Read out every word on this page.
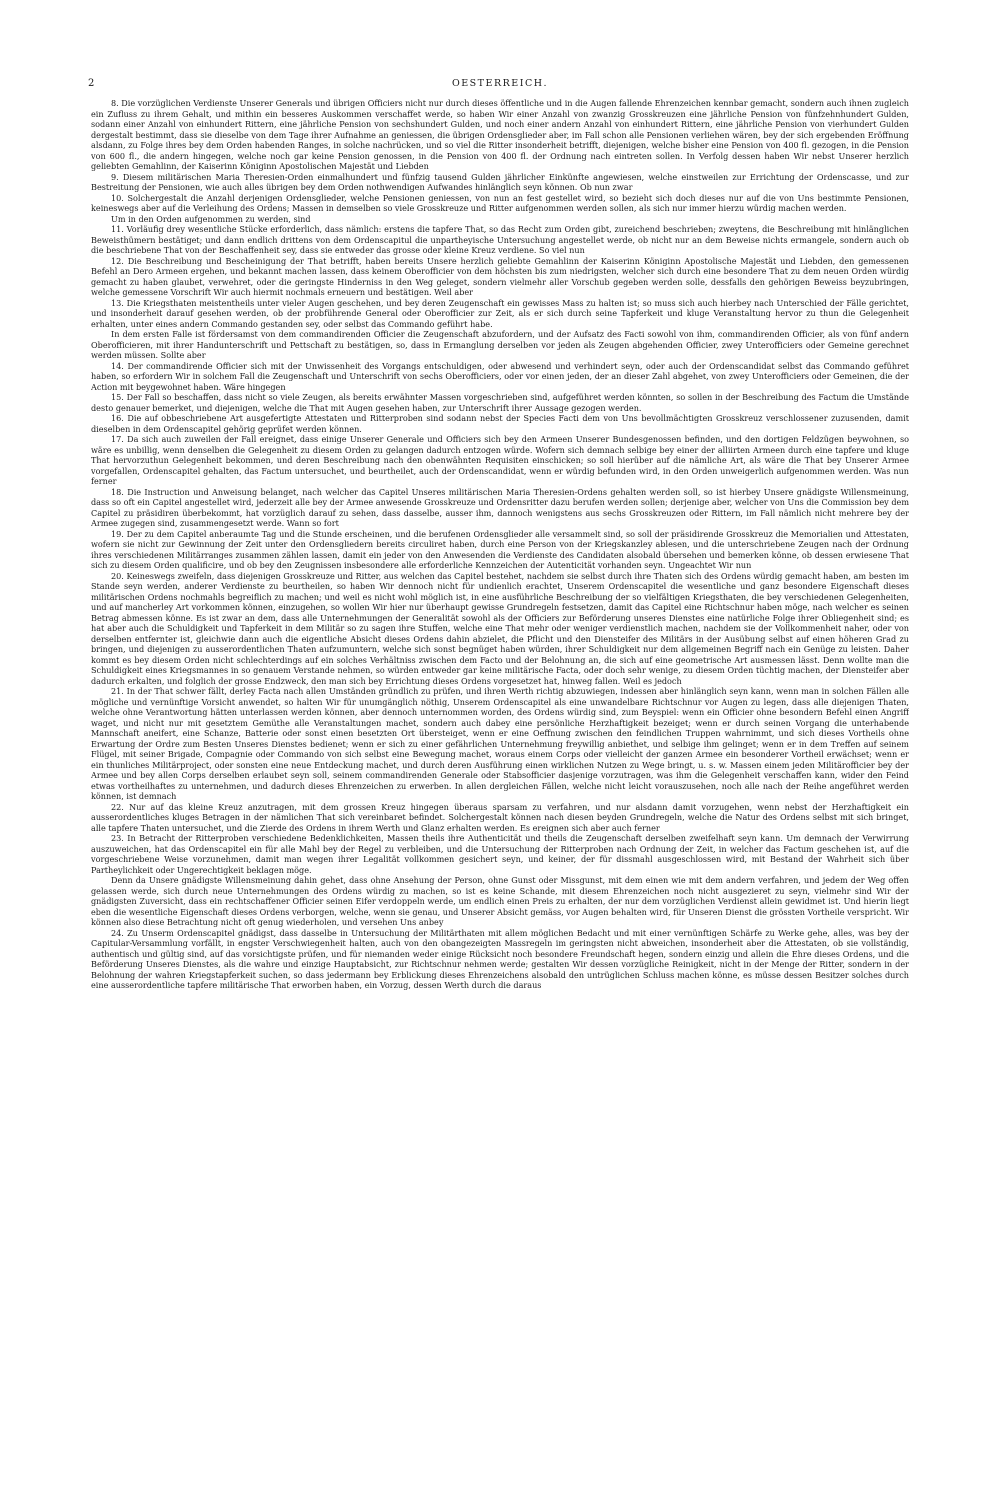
2	OESTERREICH.

8. Die vorzüglichen Verdienste Unserer Generals und übrigen Officiers nicht nur durch dieses öffentliche und in die Augen fallende Ehrenzeichen kennbar gemacht, sondern auch ihnen zugleich ein Zufluss zu ihrem Gehalt, und mithin ein besseres Auskommen verschaffet werde, so haben Wir einer Anzahl von zwanzig Grosskreuzen eine jährliche Pension von fünfzehnhundert Gulden, sodann einer Anzahl von einhundert Rittern, eine jährliche Pension von sechshundert Gulden, und noch einer andern Anzahl von einhundert Rittern, eine jährliche Pension von vierhundert Gulden dergestalt bestimmt, dass sie dieselbe von dem Tage ihrer Aufnahme an geniessen, die übrigen Ordensglieder aber, im Fall schon alle Pensionen verliehen wären, bey der sich ergebenden Eröffnung alsdann, zu Folge ihres bey dem Orden habenden Ranges, in solche nachrücken, und so viel die Ritter insonderheit betrifft, diejenigen, welche bisher eine Pension von 400 fl. gezogen, in die Pension von 600 fl., die andern hingegen, welche noch gar keine Pension genossen, in die Pension von 400 fl. der Ordnung nach eintreten sollen. In Verfolg dessen haben Wir nebst Unserer herzlich geliebten Gemahlinn, der Kaiserinn Königinn Apostolischen Majestät und Liebden

9. Diesem militärischen Maria Theresien-Orden einmalhundert und fünfzig tausend Gulden jährlicher Einkünfte angewiesen, welche einstweilen zur Errichtung der Ordenscasse, und zur Bestreitung der Pensionen, wie auch alles übrigen bey dem Orden nothwendigen Aufwandes hinlänglich seyn können. Ob nun zwar

10. Solchergestalt die Anzahl derjenigen Ordensglieder, welche Pensionen geniessen, von nun an fest gestellet wird, so bezieht sich doch dieses nur auf die von Uns bestimmte Pensionen, keineswegs aber auf die Verleihung des Ordens; Massen in demselben so viele Grosskreuze und Ritter aufgenommen werden sollen, als sich nur immer hierzu würdig machen werden.

Um in den Orden aufgenommen zu werden, sind

11. Vorläufig drey wesentliche Stücke erforderlich, dass nämlich: erstens die tapfere That, so das Recht zum Orden gibt, zureichend beschrieben; zweytens, die Beschreibung mit hinlänglichen Beweisthümern bestätiget; und dann endlich drittens von dem Ordenscapitul die unpartheyische Untersuchung angestellet werde, ob nicht nur an dem Beweise nichts ermangele, sondern auch ob die beschriebene That von der Beschaffenheit sey, dass sie entweder das grosse oder kleine Kreuz verdiene. So viel nun

12. Die Beschreibung und Bescheinigung der That betrifft, haben bereits Unsere herzlich geliebte Gemahlinn der Kaiserinn Königinn Apostolische Majestät und Liebden, den gemessenen Befehl an Dero Armeen ergehen, und bekannt machen lassen, dass keinem Oberofficier von dem höchsten bis zum niedrigsten, welcher sich durch eine besondere That zu dem neuen Orden würdig gemacht zu haben glaubet, verwehret, oder die geringste Hinderniss in den Weg geleget, sondern vielmehr aller Vorschub gegeben werden solle, dessfalls den gehörigen Beweiss beyzubringen, welche gemessene Vorschrift Wir auch hiermit nochmals erneuern und bestätigen. Weil aber

13. Die Kriegsthaten meistentheils unter vieler Augen geschehen, und bey deren Zeugenschaft ein gewisses Mass zu halten ist; so muss sich auch hierbey nach Unterschied der Fälle gerichtet, und insonderheit darauf gesehen werden, ob der probführende General oder Oberofficier zur Zeit, als er sich durch seine Tapferkeit und kluge Veranstaltung hervor zu thun die Gelegenheit erhalten, unter eines andern Commando gestanden sey, oder selbst das Commando geführt habe.

In dem ersten Falle ist fördersamst von dem commandirenden Officier die Zeugenschaft abzufordern, und der Aufsatz des Facti sowohl von ihm, commandirenden Officier, als von fünf andern Oberofficieren, mit ihrer Handunterschrift und Pettschaft zu bestätigen, so, dass in Ermanglung derselben vor jeden als Zeugen abgehenden Officier, zwey Unterofficiers oder Gemeine gerechnet werden müssen. Sollte aber

14. Der commandirende Officier sich mit der Unwissenheit des Vorgangs entschuldigen, oder abwesend und verhindert seyn, oder auch der Ordenscandidat selbst das Commando geführet haben, so erfordern Wir in solchem Fall die Zeugenschaft und Unterschrift von sechs Oberofficiers, oder vor einen jeden, der an dieser Zahl abgehet, von zwey Unterofficiers oder Gemeinen, die der Action mit beygewohnet haben. Wäre hingegen

15. Der Fall so beschaffen, dass nicht so viele Zeugen, als bereits erwähnter Massen vorgeschrieben sind, aufgeführet werden könnten, so sollen in der Beschreibung des Factum die Umstände desto genauer bemerket, und diejenigen, welche die That mit Augen gesehen haben, zur Unterschrift ihrer Aussage gezogen werden.

16. Die auf obbeschriebene Art ausgefertigte Attestaten und Ritterproben sind sodann nebst der Species Facti dem von Uns bevollmächtigten Grosskreuz verschlossener zuzusenden, damit dieselben in dem Ordenscapitel gehörig geprüfet werden können.

17. Da sich auch zuweilen der Fall ereignet, dass einige Unserer Generale und Officiers sich bey den Armeen Unserer Bundesgenossen befinden, und den dortigen Feldzügen beywohnen, so wäre es unbillig, wenn denselben die Gelegenheit zu diesem Orden zu gelangen dadurch entzogen würde. Wofern sich demnach selbige bey einer der alliirten Armeen durch eine tapfere und kluge That hervorzuthun Gelegenheit bekommen, und deren Beschreibung nach den obenwähnten Requisiten einschicken; so soll hierüber auf die nämliche Art, als wäre die That bey Unserer Armee vorgefallen, Ordenscapitel gehalten, das Factum untersuchet, und beurtheilet, auch der Ordenscandidat, wenn er würdig befunden wird, in den Orden unweigerlich aufgenommen werden. Was nun ferner

18. Die Instruction und Anweisung belanget, nach welcher das Capitel Unseres militärischen Maria Theresien-Ordens gehalten werden soll, so ist hierbey Unsere gnädigste Willensmeinung, dass so oft ein Capitel angestellet wird, jederzeit alle bey der Armee anwesende Grosskreuze und Ordensritter dazu berufen werden sollen; derjenige aber, welcher von Uns die Commission bey dem Capitel zu präsidiren überbekommt, hat vorzüglich darauf zu sehen, dass dasselbe, ausser ihm, dannoch wenigstens aus sechs Grosskreuzen oder Rittern, im Fall nämlich nicht mehrere bey der Armee zugegen sind, zusammengesetzt werde. Wann so fort

19. Der zu dem Capitel anberaumte Tag und die Stunde erscheinen, und die berufenen Ordensglieder alle versammelt sind, so soll der präsidirende Grosskreuz die Memorialien und Attestaten, wofern sie nicht zur Gewinnung der Zeit unter den Ordensgliedern bereits circuliret haben, durch eine Person von der Kriegskanzley ablesen, und die unterschriebene Zeugen nach der Ordnung ihres verschiedenen Militärranges zusammen zählen lassen, damit ein jeder von den Anwesenden die Verdienste des Candidaten alsobald übersehen und bemerken könne, ob dessen erwiesene That sich zu diesem Orden qualificire, und ob bey den Zeugnissen insbesondere alle erforderliche Kennzeichen der Autenticität vorhanden seyn. Ungeachtet Wir nun

20. Keineswegs zweifeln, dass diejenigen Grosskreuze und Ritter, aus welchen das Capitel bestehet, nachdem sie selbst durch ihre Thaten sich des Ordens würdig gemacht haben, am besten im Stande seyn werden, anderer Verdienste zu beurtheilen, so haben Wir dennoch nicht für undienlich erachtet, Unserem Ordenscapitel die wesentliche und ganz besondere Eigenschaft dieses militärischen Ordens nochmahls begreiflich zu machen; und weil es nicht wohl möglich ist, in eine ausführliche Beschreibung der so vielfältigen Kriegsthaten, die bey verschiedenen Gelegenheiten, und auf mancherley Art vorkommen können, einzugehen, so wollen Wir hier nur überhaupt gewisse Grundregeln festsetzen, damit das Capitel eine Richtschnur haben möge, nach welcher es seinen Betrag abmessen könne. Es ist zwar an dem, dass alle Unternehmungen der Generalität sowohl als der Officiers zur Beförderung unseres Dienstes eine natürliche Folge ihrer Obliegenheit sind; es hat aber auch die Schuldigkeit und Tapferkeit in dem Militär so zu sagen ihre Stuffen, welche eine That mehr oder weniger verdienstlich machen, nachdem sie der Vollkommenheit naher, oder von derselben entfernter ist, gleichwie dann auch die eigentliche Absicht dieses Ordens dahin abzielet, die Pflicht und den Diensteifer des Militärs in der Ausübung selbst auf einen höheren Grad zu bringen, und diejenigen zu ausserordentlichen Thaten aufzumuntern, welche sich sonst begnüget haben würden, ihrer Schuldigkeit nur dem allgemeinen Begriff nach ein Genüge zu leisten. Daher kommt es bey diesem Orden nicht schlechterdings auf ein solches Verhältniss zwischen dem Facto und der Belohnung an, die sich auf eine geometrische Art ausmessen lässt. Denn wollte man die Schuldigkeit eines Kriegsmannes in so genauem Verstande nehmen, so würden entweder gar keine militärische Facta, oder doch sehr wenige, zu diesem Orden tüchtig machen, der Diensteifer aber dadurch erkalten, und folglich der grosse Endzweck, den man sich bey Errichtung dieses Ordens vorgesetzet hat, hinweg fallen. Weil es jedoch

21. In der That schwer fällt, derley Facta nach allen Umständen gründlich zu prüfen, und ihren Werth richtig abzuwiegen, indessen aber hinlänglich seyn kann, wenn man in solchen Fällen alle mögliche und vernünftige Vorsicht anwendet, so halten Wir für unumgänglich nöthig, Unserem Ordenscapitel als eine unwandelbare Richtschnur vor Augen zu legen, dass alle diejenigen Thaten, welche ohne Verantwortung hätten unterlassen werden können, aber dennoch unternommen worden, des Ordens würdig sind, zum Beyspiel: wenn ein Officier ohne besondern Befehl einen Angriff waget, und nicht nur mit gesetztem Gemüthe alle Veranstaltungen machet, sondern auch dabey eine persönliche Herzhaftigkeit bezeiget; wenn er durch seinen Vorgang die unterhabende Mannschaft aneifert, eine Schanze, Batterie oder sonst einen besetzten Ort übersteiget, wenn er eine Oeffnung zwischen den feindlichen Truppen wahrnimmt, und sich dieses Vortheils ohne Erwartung der Ordre zum Besten Unseres Dienstes bedienet; wenn er sich zu einer gefährlichen Unternehmung freywillig anbiethet, und selbige ihm gelinget; wenn er in dem Treffen auf seinem Flügel, mit seiner Brigade, Compagnie oder Commando von sich selbst eine Bewegung machet, woraus einem Corps oder vielleicht der ganzen Armee ein besonderer Vortheil erwächset; wenn er ein thunliches Militärproject, oder sonsten eine neue Entdeckung machet, und durch deren Ausführung einen wirklichen Nutzen zu Wege bringt, u. s. w. Massen einem jeden Militärofficier bey der Armee und bey allen Corps derselben erlaubet seyn soll, seinem commandirenden Generale oder Stabsofficier dasjenige vorzutragen, was ihm die Gelegenheit verschaffen kann, wider den Feind etwas vortheilhaftes zu unternehmen, und dadurch dieses Ehrenzeichen zu erwerben. In allen dergleichen Fällen, welche nicht leicht vorauszusehen, noch alle nach der Reihe angeführet werden können, ist demnach

22. Nur auf das kleine Kreuz anzutragen, mit dem grossen Kreuz hingegen überaus sparsam zu verfahren, und nur alsdann damit vorzugehen, wenn nebst der Herzhaftigkeit ein ausserordentliches kluges Betragen in der nämlichen That sich vereinbaret befindet. Solchergestalt können nach diesen beyden Grundregeln, welche die Natur des Ordens selbst mit sich bringet, alle tapfere Thaten untersuchet, und die Zierde des Ordens in ihrem Werth und Glanz erhalten werden. Es ereignen sich aber auch ferner

23. In Betracht der Ritterproben verschiedene Bedenklichkeiten, Massen theils ihre Authenticität und theils die Zeugenschaft derselben zweifelhaft seyn kann. Um demnach der Verwirrung auszuweichen, hat das Ordenscapitel ein für alle Mahl bey der Regel zu verbleiben, und die Untersuchung der Ritterproben nach Ordnung der Zeit, in welcher das Factum geschehen ist, auf die vorgeschriebene Weise vorzunehmen, damit man wegen ihrer Legalität vollkommen gesichert seyn, und keiner, der für dissmahl ausgeschlossen wird, mit Bestand der Wahrheit sich über Partheylichkeit oder Ungerechtigkeit beklagen möge.

Denn da Unsere gnädigste Willensmeinung dahin gehet, dass ohne Ansehung der Person, ohne Gunst oder Missgunst, mit dem einen wie mit dem andern verfahren, und jedem der Weg offen gelassen werde, sich durch neue Unternehmungen des Ordens würdig zu machen, so ist es keine Schande, mit diesem Ehrenzeichen noch nicht ausgezieret zu seyn, vielmehr sind Wir der gnädigsten Zuversicht, dass ein rechtschaffener Officier seinen Eifer verdoppeln werde, um endlich einen Preis zu erhalten, der nur dem vorzüglichen Verdienst allein gewidmet ist. Und hierin liegt eben die wesentliche Eigenschaft dieses Ordens verborgen, welche, wenn sie genau, und Unserer Absicht gemäss, vor Augen behalten wird, für Unseren Dienst die grössten Vortheile verspricht. Wir können also diese Betrachtung nicht oft genug wiederholen, und versehen Uns anbey

24. Zu Unserm Ordenscapitel gnädigst, dass dasselbe in Untersuchung der Militärthaten mit allem möglichen Bedacht und mit einer vernünftigen Schärfe zu Werke gehe, alles, was bey der Capitular-Versammlung vorfällt, in engster Verschwiegenheit halten, auch von den obangezeigten Massregeln im geringsten nicht abweichen, insonderheit aber die Attestaten, ob sie vollständig, authentisch und gültig sind, auf das vorsichtigste prüfen, und für niemanden weder einige Rücksicht noch besondere Freundschaft hegen, sondern einzig und allein die Ehre dieses Ordens, und die Beförderung Unseres Dienstes, als die wahre und einzige Hauptabsicht, zur Richtschnur nehmen werde; gestalten Wir dessen vorzügliche Reinigkeit, nicht in der Menge der Ritter, sondern in der Belohnung der wahren Kriegstapferkeit suchen, so dass jedermann bey Erblickung dieses Ehrenzeichens alsobald den untrüglichen Schluss machen könne, es müsse dessen Besitzer solches durch eine ausserordentliche tapfere militärische That erworben haben, ein Vorzug, dessen Werth durch die daraus
